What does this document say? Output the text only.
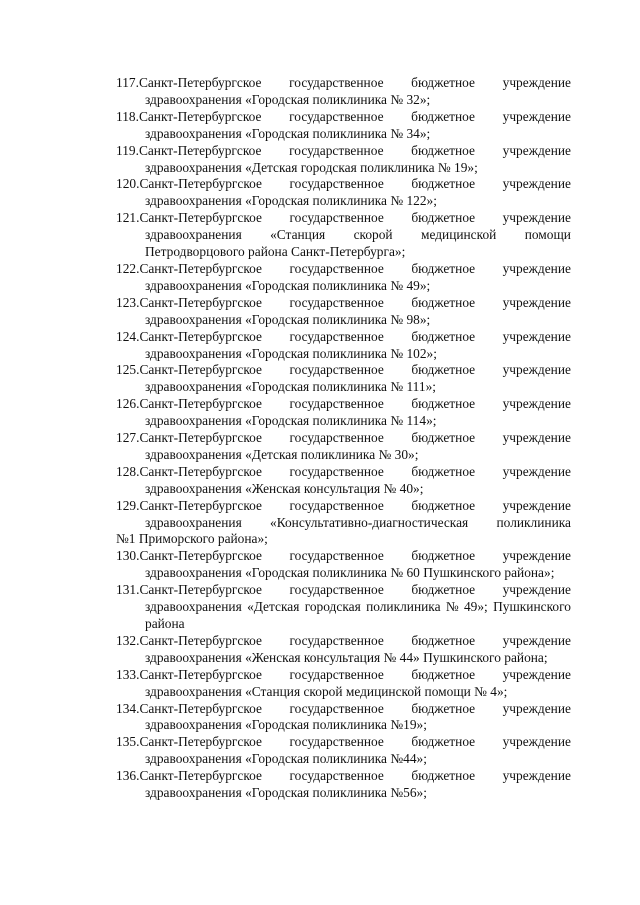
117.Санкт-Петербургское государственное бюджетное учреждение
здравоохранения «Городская поликлиника № 32»;
118.Санкт-Петербургское государственное бюджетное учреждение
здравоохранения «Городская поликлиника № 34»;
119.Санкт-Петербургское государственное бюджетное учреждение
здравоохранения «Детская городская поликлиника № 19»;
120.Санкт-Петербургское государственное бюджетное учреждение
здравоохранения «Городская поликлиника № 122»;
121.Санкт-Петербургское государственное бюджетное учреждение
здравоохранения «Станция скорой медицинской помощи
Петродворцового района Санкт-Петербурга»;
122.Санкт-Петербургское государственное бюджетное учреждение
здравоохранения «Городская поликлиника № 49»;
123.Санкт-Петербургское государственное бюджетное учреждение
здравоохранения «Городская поликлиника № 98»;
124.Санкт-Петербургское государственное бюджетное учреждение
здравоохранения «Городская поликлиника № 102»;
125.Санкт-Петербургское государственное бюджетное учреждение
здравоохранения «Городская поликлиника № 111»;
126.Санкт-Петербургское государственное бюджетное учреждение
здравоохранения «Городская поликлиника № 114»;
127.Санкт-Петербургское государственное бюджетное учреждение
здравоохранения «Детская поликлиника № 30»;
128.Санкт-Петербургское государственное бюджетное учреждение
здравоохранения «Женская консультация № 40»;
129.Санкт-Петербургское государственное бюджетное учреждение
здравоохранения «Консультативно-диагностическая поликлиника
№1 Приморского района»;
130.Санкт-Петербургское государственное бюджетное учреждение
здравоохранения «Городская поликлиника № 60 Пушкинского района»;
131.Санкт-Петербургское государственное бюджетное учреждение
здравоохранения «Детская городская поликлиника № 49»; Пушкинского
района
132.Санкт-Петербургское государственное бюджетное учреждение
здравоохранения «Женская консультация № 44» Пушкинского района;
133.Санкт-Петербургское государственное бюджетное учреждение
здравоохранения «Станция скорой медицинской помощи № 4»;
134.Санкт-Петербургское государственное бюджетное учреждение
здравоохранения «Городская поликлиника №19»;
135.Санкт-Петербургское государственное бюджетное учреждение
здравоохранения «Городская поликлиника №44»;
136.Санкт-Петербургское государственное бюджетное учреждение
здравоохранения «Городская поликлиника №56»;
